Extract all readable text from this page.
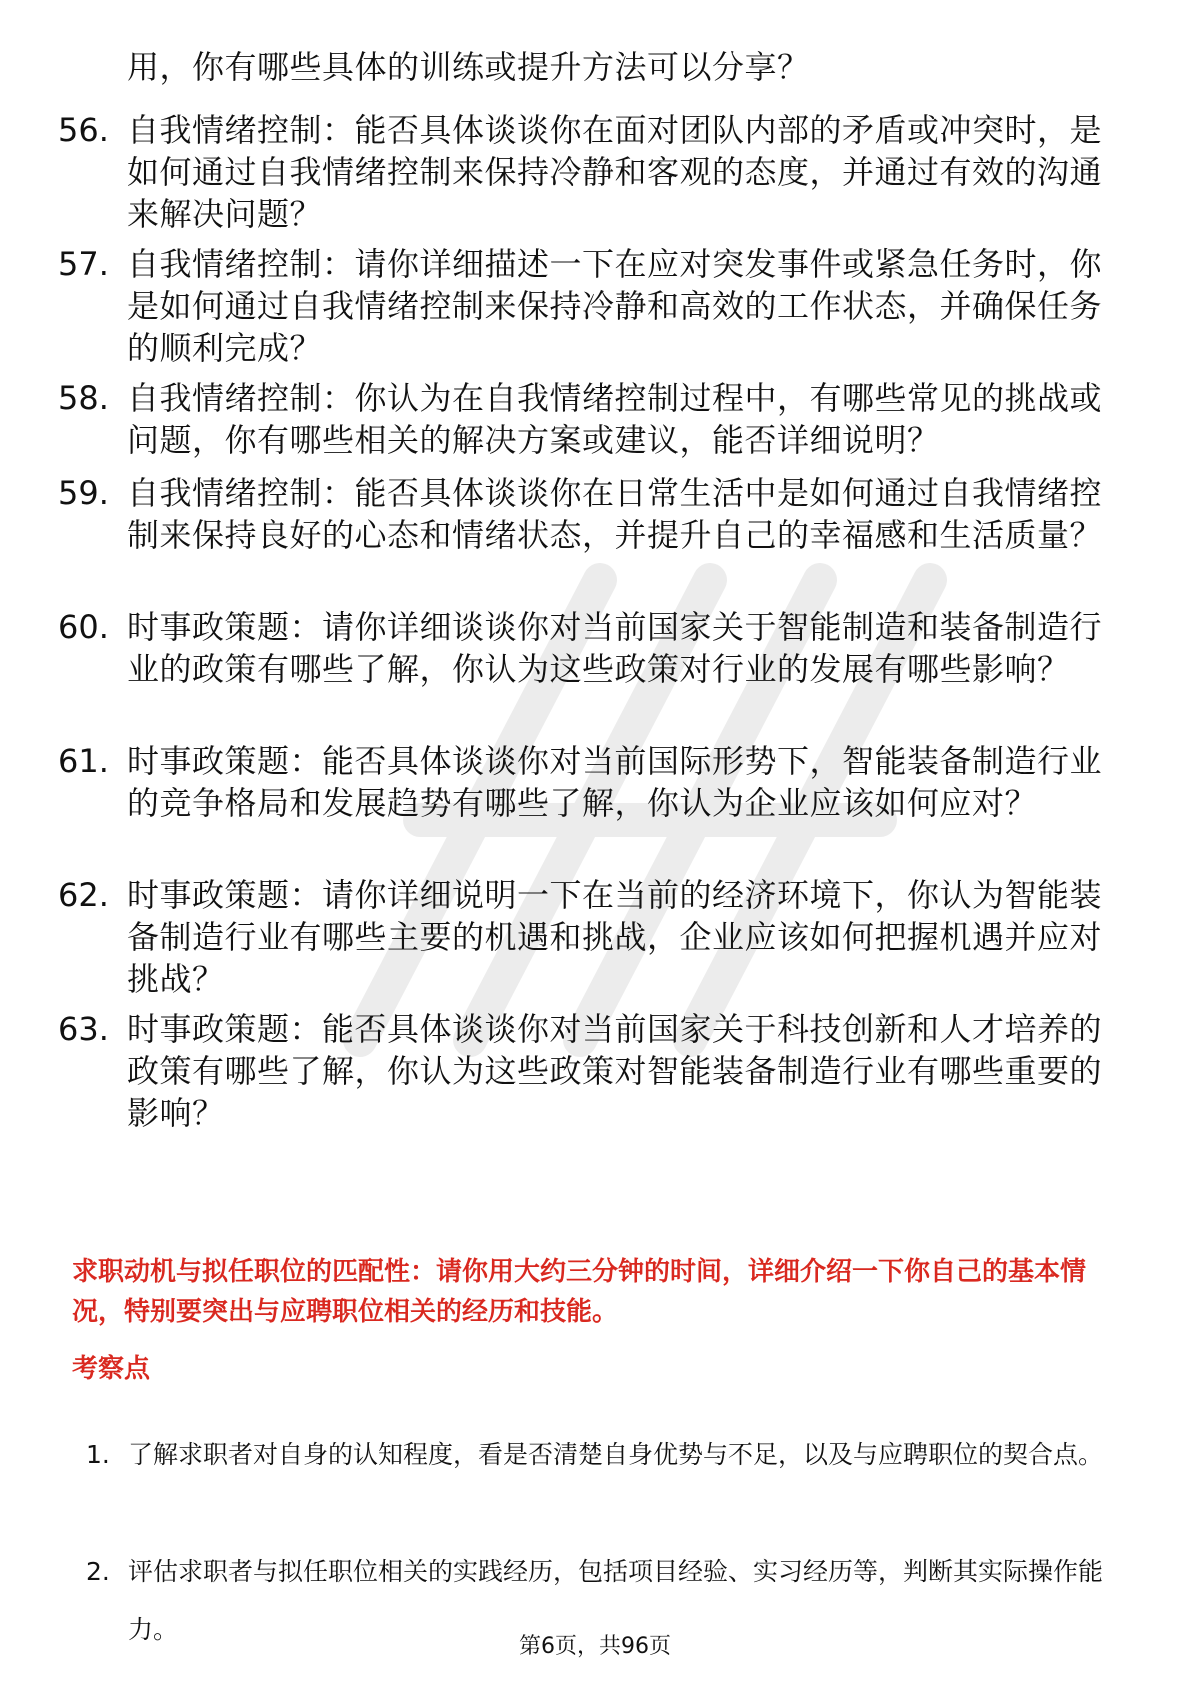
用，你有哪些具体的训练或提升方法可以分享？
56. 自我情绪控制：能否具体谈谈你在面对团队内部的矛盾或冲突时，是如何通过自我情绪控制来保持冷静和客观的态度，并通过有效的沟通来解决问题？
57. 自我情绪控制：请你详细描述一下在应对突发事件或紧急任务时，你是如何通过自我情绪控制来保持冷静和高效的工作状态，并确保任务的顺利完成？
58. 自我情绪控制：你认为在自我情绪控制过程中，有哪些常见的挑战或问题，你有哪些相关的解决方案或建议，能否详细说明？
59. 自我情绪控制：能否具体谈谈你在日常生活中是如何通过自我情绪控制来保持良好的心态和情绪状态，并提升自己的幸福感和生活质量？
60. 时事政策题：请你详细谈谈你对当前国家关于智能制造和装备制造行业的政策有哪些了解，你认为这些政策对行业的发展有哪些影响？
61. 时事政策题：能否具体谈谈你对当前国际形势下，智能装备制造行业的竞争格局和发展趋势有哪些了解，你认为企业应该如何应对？
62. 时事政策题：请你详细说明一下在当前的经济环境下，你认为智能装备制造行业有哪些主要的机遇和挑战，企业应该如何把握机遇并应对挑战？
63. 时事政策题：能否具体谈谈你对当前国家关于科技创新和人才培养的政策有哪些了解，你认为这些政策对智能装备制造行业有哪些重要的影响？
求职动机与拟任职位的匹配性：请你用大约三分钟的时间，详细介绍一下你自己的基本情况，特别要突出与应聘职位相关的经历和技能。
考察点
1. 了解求职者对自身的认知程度，看是否清楚自身优势与不足，以及与应聘职位的契合点。
2. 评估求职者与拟任职位相关的实践经历，包括项目经验、实习经历等，判断其实际操作能力。
第6页，共96页
